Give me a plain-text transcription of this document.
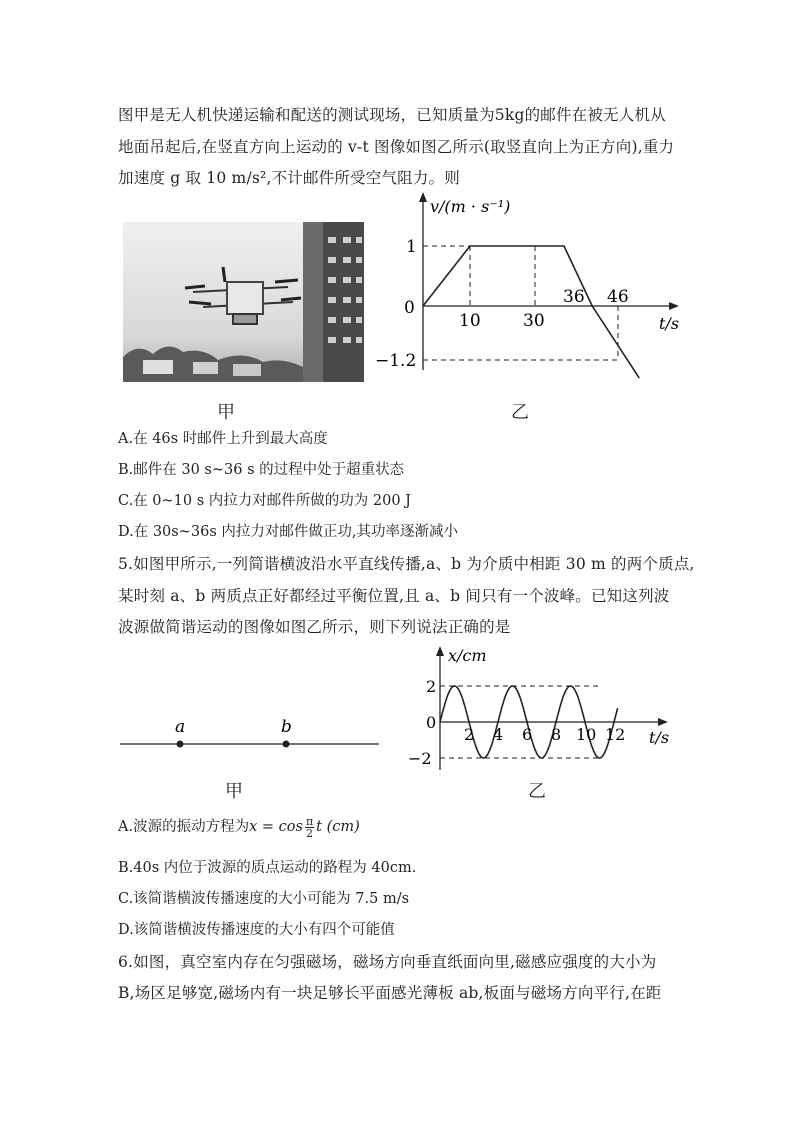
图甲是无人机快递运输和配送的测试现场，已知质量为5kg的邮件在被无人机从
地面吊起后,在竖直方向上运动的 v-t 图像如图乙所示(取竖直向上为正方向),重力
加速度 g 取 10 m/s²,不计邮件所受空气阻力。则
v/(m · s⁻¹)
t/s
1
0
−1.2
10 30
36 46
甲	乙
A.在 46s 时邮件上升到最大高度
B.邮件在 30 s~36 s 的过程中处于超重状态
C.在 0~10 s 内拉力对邮件所做的功为 200 J
D.在 30s~36s 内拉力对邮件做正功,其功率逐渐减小
5.如图甲所示,一列简谐横波沿水平直线传播,a、b 为介质中相距 30 m 的两个质点,
某时刻 a、b 两质点正好都经过平衡位置,且 a、b 间只有一个波峰。已知这列波
波源做简谐运动的图像如图乙所示，则下列说法正确的是
a	b
x/cm
t/s
2
0
−2
2 4 6 8 10 12
甲	乙
A.波源的振动方程为$x = \cos \frac{\pi}{2}$ t (cm)
B.40s 内位于波源的质点运动的路程为 40cm.
C.该简谐横波传播速度的大小可能为 7.5 m/s
D.该简谐横波传播速度的大小有四个可能值
6.如图，真空室内存在匀强磁场，磁场方向垂直纸面向里,磁感应强度的大小为
B,场区足够宽,磁场内有一块足够长平面感光薄板 ab,板面与磁场方向平行,在距
